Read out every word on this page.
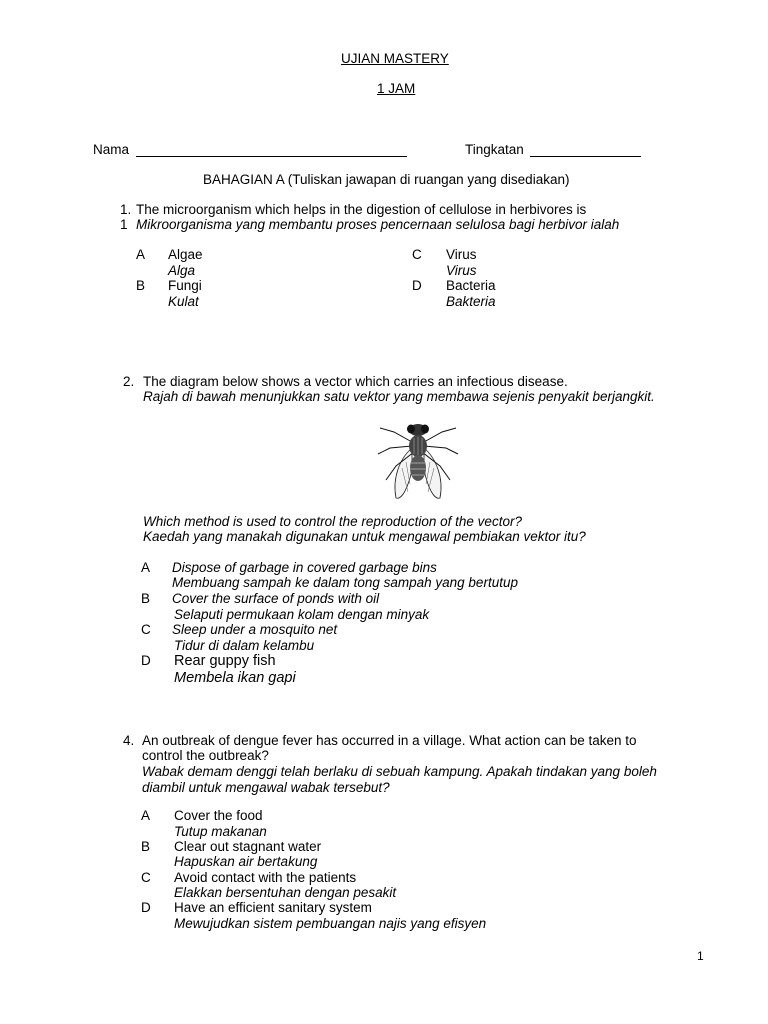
UJIAN MASTERY
1 JAM
Nama	Tingkatan
BAHAGIAN A (Tuliskan jawapan di ruangan yang disediakan)
1. The microorganism which helps in the digestion of cellulose in herbivores is
1 Mikroorganisma yang membantu proses pencernaan selulosa bagi herbivor ialah
A Algae
Alga
B Fungi
Kulat
C Virus
Virus
D Bacteria
Bakteria
2. The diagram below shows a vector which carries an infectious disease.
Rajah di bawah menunjukkan satu vektor yang membawa sejenis penyakit berjangkit.
Which method is used to control the reproduction of the vector?
Kaedah yang manakah digunakan untuk mengawal pembiakan vektor itu?
A Dispose of garbage in covered garbage bins
Membuang sampah ke dalam tong sampah yang bertutup
B Cover the surface of ponds with oil
Selaputi permukaan kolam dengan minyak
C Sleep under a mosquito net
Tidur di dalam kelambu
D Rear guppy fish
Membela ikan gapi
4. An outbreak of dengue fever has occurred in a village. What action can be taken to
control the outbreak?
Wabak demam denggi telah berlaku di sebuah kampung. Apakah tindakan yang boleh
diambil untuk mengawal wabak tersebut?
A Cover the food
Tutup makanan
B Clear out stagnant water
Hapuskan air bertakung
C Avoid contact with the patients
Elakkan bersentuhan dengan pesakit
D Have an efficient sanitary system
Mewujudkan sistem pembuangan najis yang efisyen
1
